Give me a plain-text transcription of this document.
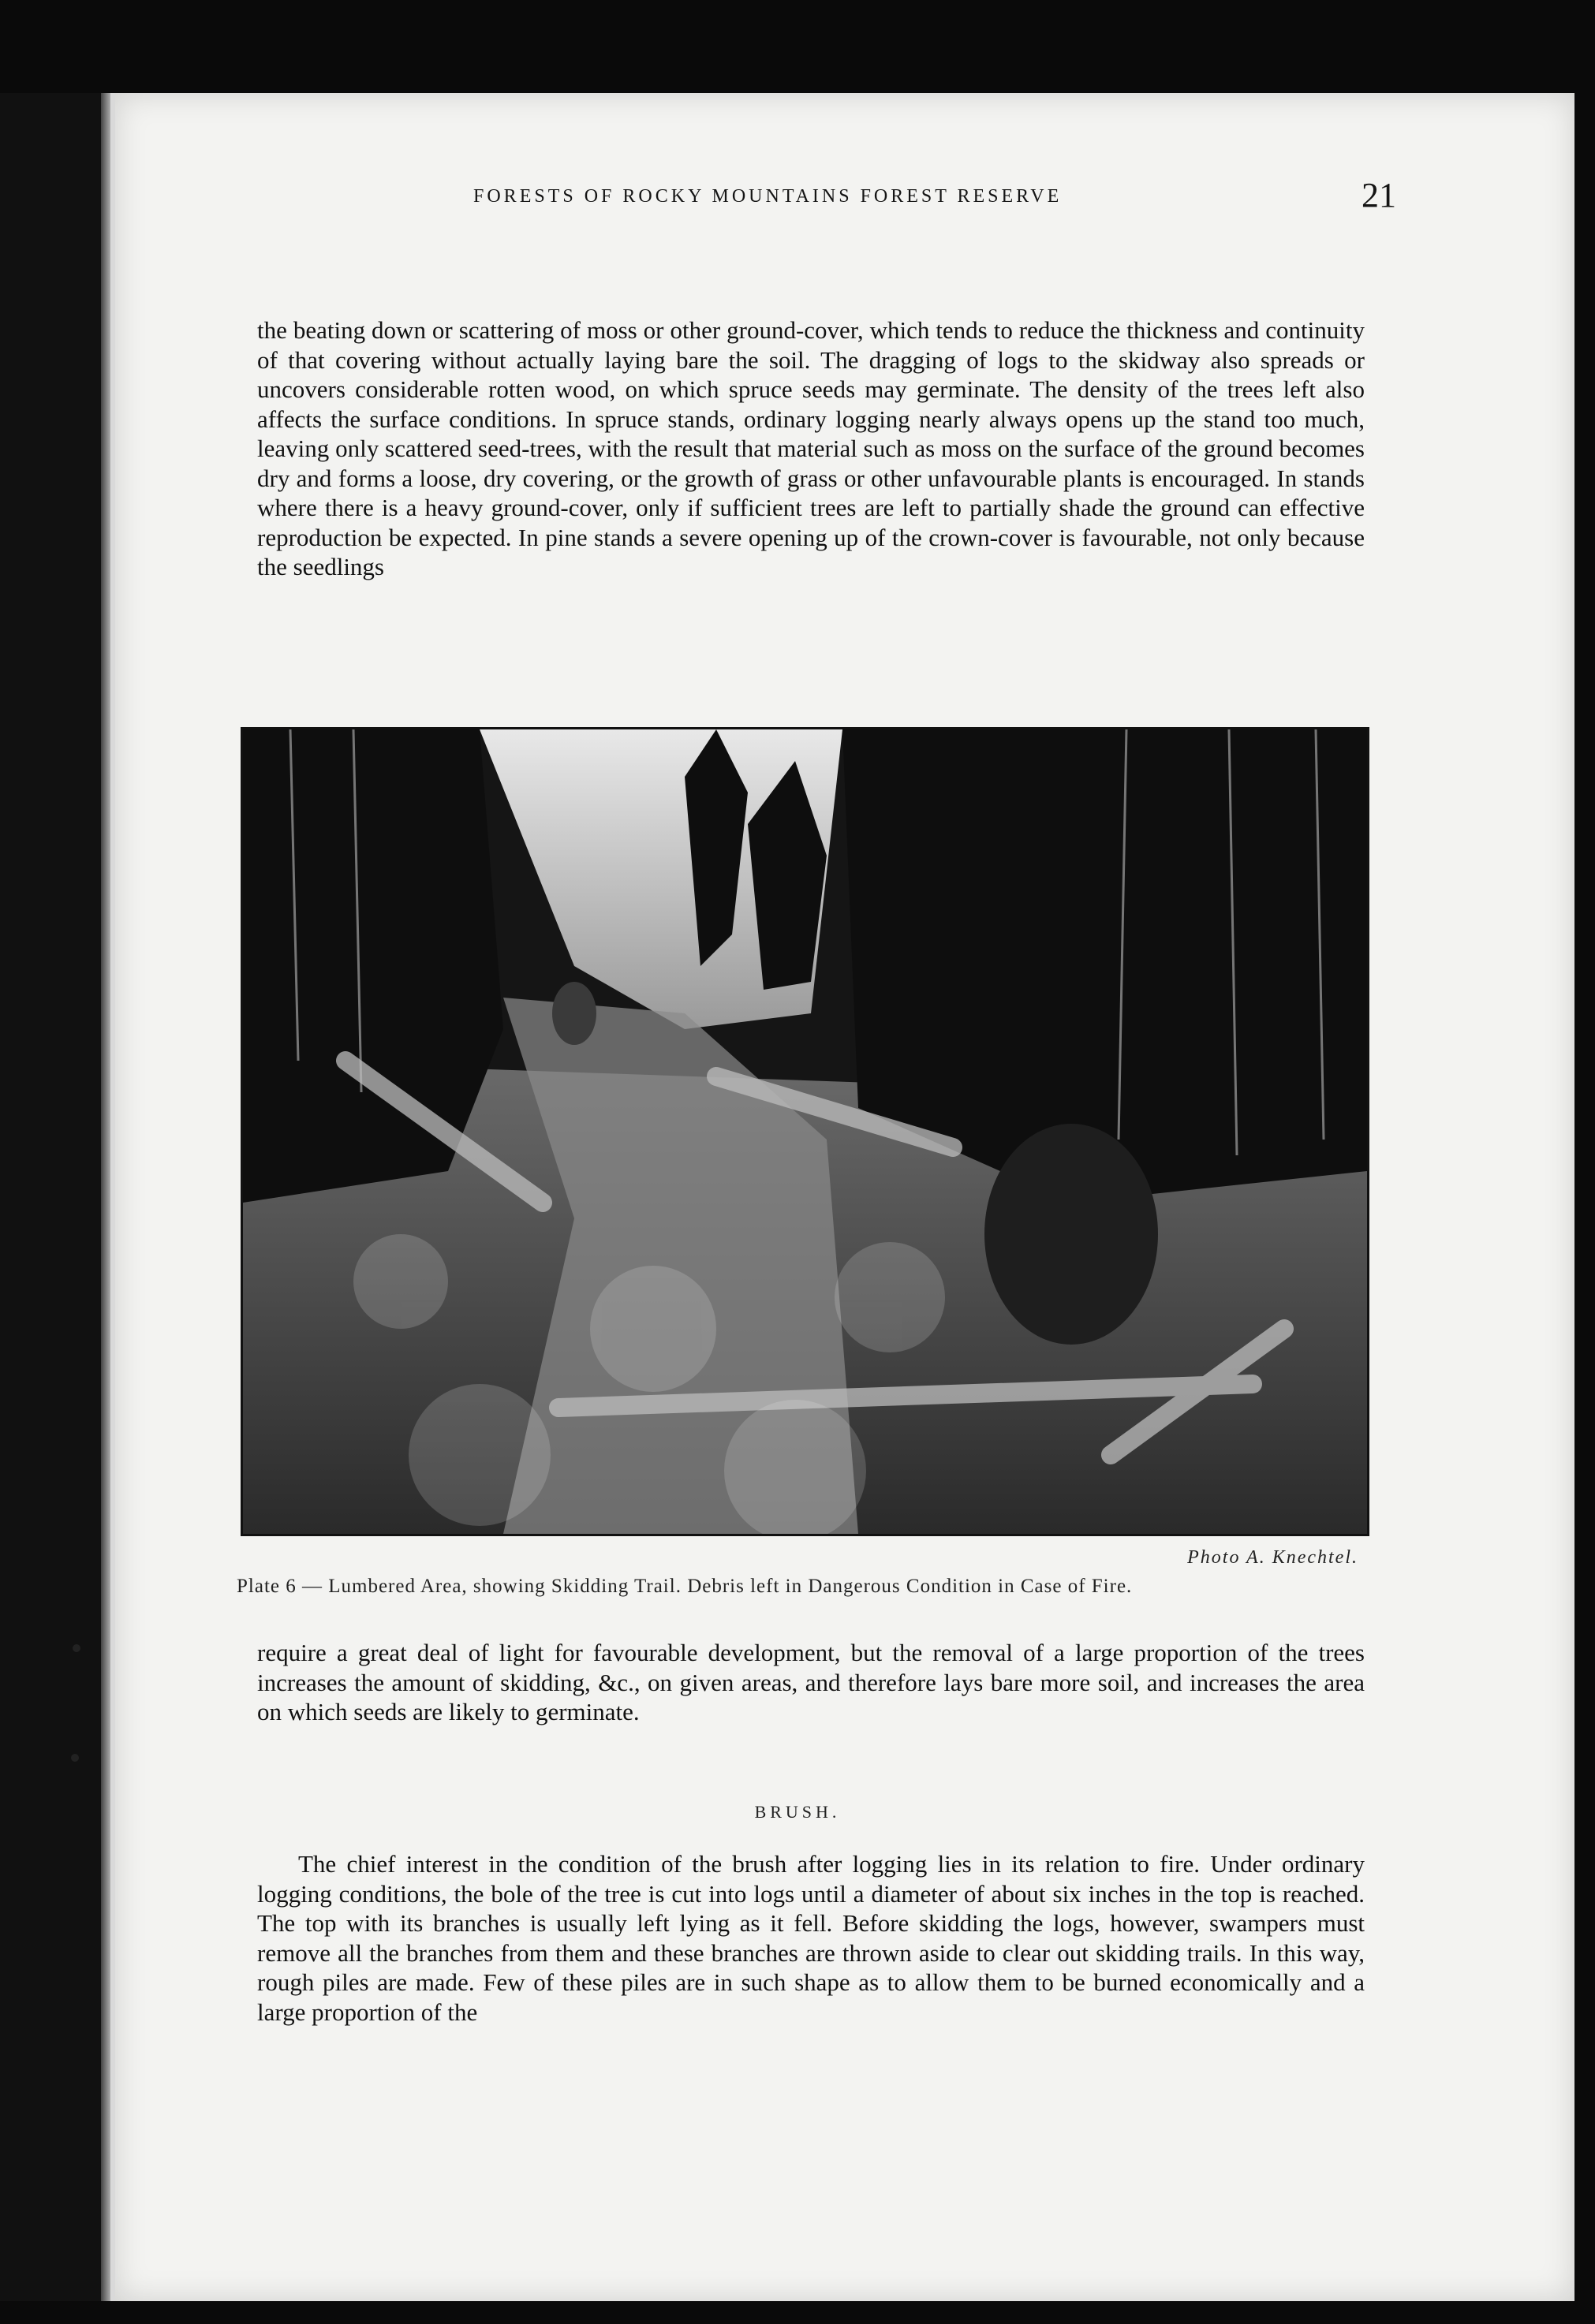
FORESTS OF ROCKY MOUNTAINS FOREST RESERVE	21

the beating down or scattering of moss or other ground-cover, which tends to reduce the thickness and continuity of that covering without actually laying bare the soil. The dragging of logs to the skidway also spreads or uncovers considerable rotten wood, on which spruce seeds may germinate. The density of the trees left also affects the surface conditions. In spruce stands, ordinary logging nearly always opens up the stand too much, leaving only scattered seed-trees, with the result that material such as moss on the surface of the ground becomes dry and forms a loose, dry covering, or the growth of grass or other unfavourable plants is encouraged. In stands where there is a heavy ground-cover, only if sufficient trees are left to partially shade the ground can effective reproduction be expected. In pine stands a severe opening up of the crown-cover is favourable, not only because the seedlings

Photo A. Knechtel.
Plate 6 — Lumbered Area, showing Skidding Trail. Debris left in Dangerous Condition in Case of Fire.

require a great deal of light for favourable development, but the removal of a large proportion of the trees increases the amount of skidding, &c., on given areas, and therefore lays bare more soil, and increases the area on which seeds are likely to germinate.

BRUSH.

The chief interest in the condition of the brush after logging lies in its relation to fire. Under ordinary logging conditions, the bole of the tree is cut into logs until a diameter of about six inches in the top is reached. The top with its branches is usually left lying as it fell. Before skidding the logs, however, swampers must remove all the branches from them and these branches are thrown aside to clear out skidding trails. In this way, rough piles are made. Few of these piles are in such shape as to allow them to be burned economically and a large proportion of the
